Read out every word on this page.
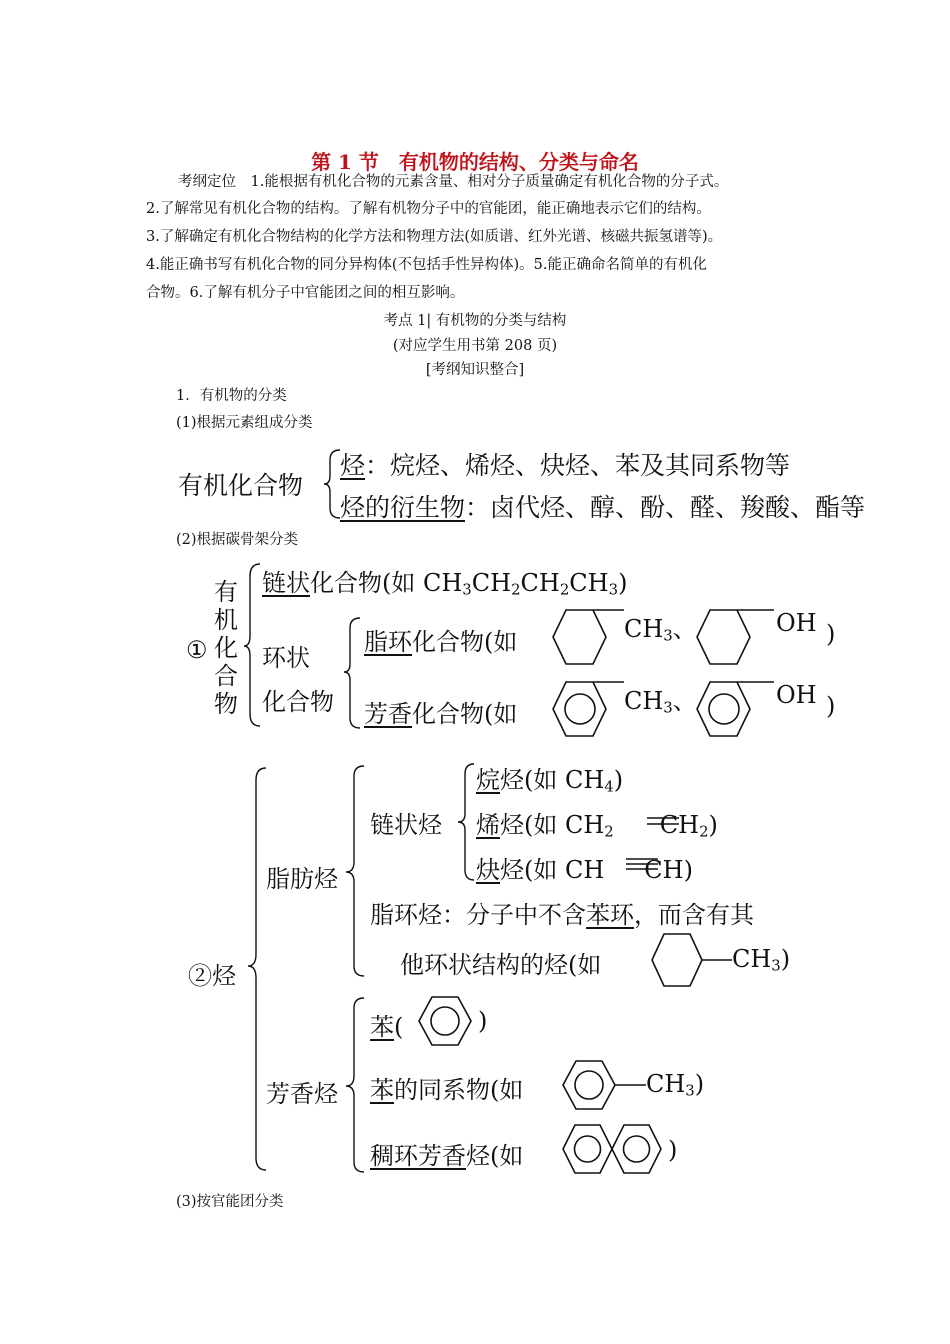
第 1 节　有机物的结构、分类与命名
考纲定位　1.能根据有机化合物的元素含量、相对分子质量确定有机化合物的分子式。
2.了解常见有机化合物的结构。了解有机物分子中的官能团，能正确地表示它们的结构。
3.了解确定有机化合物结构的化学方法和物理方法(如质谱、红外光谱、核磁共振氢谱等)。
4.能正确书写有机化合物的同分异构体(不包括手性异构体)。5.能正确命名简单的有机化
合物。6.了解有机分子中官能团之间的相互影响。
考点 1| 有机物的分类与结构
(对应学生用书第 208 页)
[考纲知识整合]
1．有机物的分类
(1)根据元素组成分类
有机化合物
烃：烷烃、烯烃、炔烃、苯及其同系物等
烃的衍生物：卤代烃、醇、酚、醛、羧酸、酯等
(2)根据碳骨架分类
①
有
机
化
合
物
链状化合物(如 $CH_3CH_2CH_2CH_3$)
环状
化合物
脂环化合物(如
芳香化合物(如
$CH_3$、	OH )
$CH_3$、	OH )
②烃
脂肪烃
链状烃
烷烃(如 $CH_4$)
烯烃(如 $CH_2$ $CH_2$)
炔烃(如 CH CH)
脂环烃：分子中不含苯环，而含有其
他环状结构的烃(如	$CH_3$)
芳香烃
苯(	)
苯的同系物(如	$CH_3$)
稠环芳香烃(如	)
(3)按官能团分类
